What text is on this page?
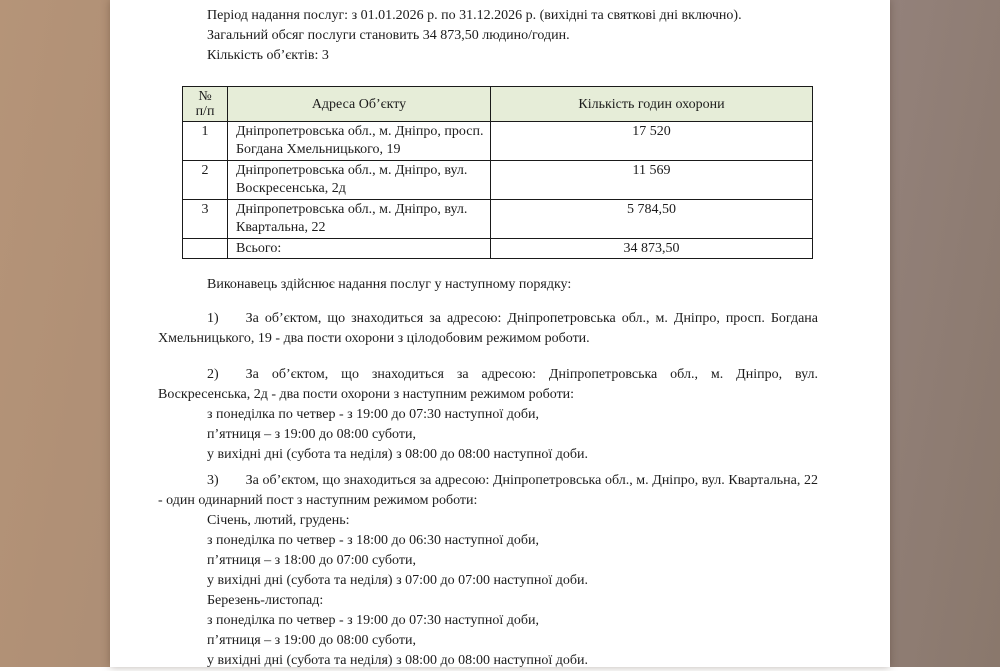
Період надання послуг: з 01.01.2026 р. по 31.12.2026 р. (вихідні та святкові дні включно).

Загальний обсяг послуги становить 34 873,50 людино/годин.

Кількість об’єктів: 3

№
п/п	Адреса Об’єкту	Кількість годин охорони
1	Дніпропетровська обл., м. Дніпро, просп. Богдана Хмельницького, 19	17 520
2	Дніпропетровська обл., м. Дніпро, вул. Воскресенська, 2д	11 569
3	Дніпропетровська обл., м. Дніпро, вул. Квартальна, 22	5 784,50
	Всього:	34 873,50

Виконавець здійснює надання послуг у наступному порядку:

1) За об’єктом, що знаходиться за адресою: Дніпропетровська обл., м. Дніпро, просп. Богдана Хмельницького, 19 - два пости охорони з цілодобовим режимом роботи.

2) За об’єктом, що знаходиться за адресою: Дніпропетровська обл., м. Дніпро, вул. Воскресенська, 2д - два пости охорони з наступним режимом роботи:

з понеділка по четвер - з 19:00 до 07:30 наступної доби,
п’ятниця – з 19:00 до 08:00 суботи,
у вихідні дні (субота та неділя) з 08:00 до 08:00 наступної доби.

3) За об’єктом, що знаходиться за адресою: Дніпропетровська обл., м. Дніпро, вул. Квартальна, 22 - один одинарний пост з наступним режимом роботи:

Січень, лютий, грудень:
з понеділка по четвер - з 18:00 до 06:30 наступної доби,
п’ятниця – з 18:00 до 07:00 суботи,
у вихідні дні (субота та неділя) з 07:00 до 07:00 наступної доби.
Березень-листопад:
з понеділка по четвер - з 19:00 до 07:30 наступної доби,
п’ятниця – з 19:00 до 08:00 суботи,
у вихідні дні (субота та неділя) з 08:00 до 08:00 наступної доби.
